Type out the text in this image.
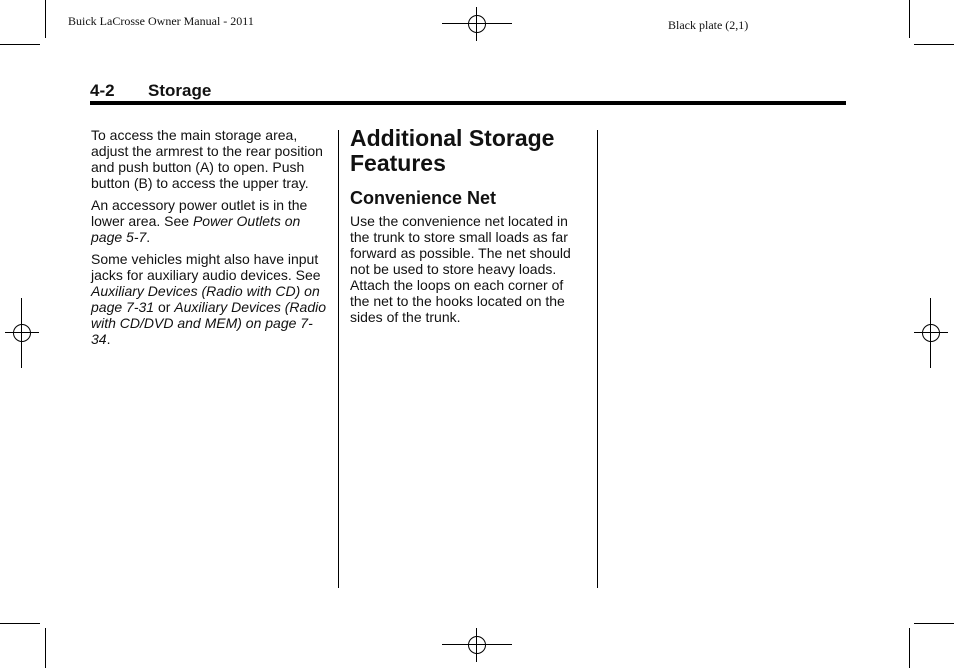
Buick LaCrosse Owner Manual - 2011	Black plate (2,1)
4-2 Storage

To access the main storage area, adjust the armrest to the rear position and push button (A) to open. Push button (B) to access the upper tray.

An accessory power outlet is in the lower area. See Power Outlets on page 5-7.

Some vehicles might also have input jacks for auxiliary audio devices. See Auxiliary Devices (Radio with CD) on page 7-31 or Auxiliary Devices (Radio with CD/DVD and MEM) on page 7-34.

Additional Storage Features
Convenience Net

Use the convenience net located in the trunk to store small loads as far forward as possible. The net should not be used to store heavy loads. Attach the loops on each corner of the net to the hooks located on the sides of the trunk.
